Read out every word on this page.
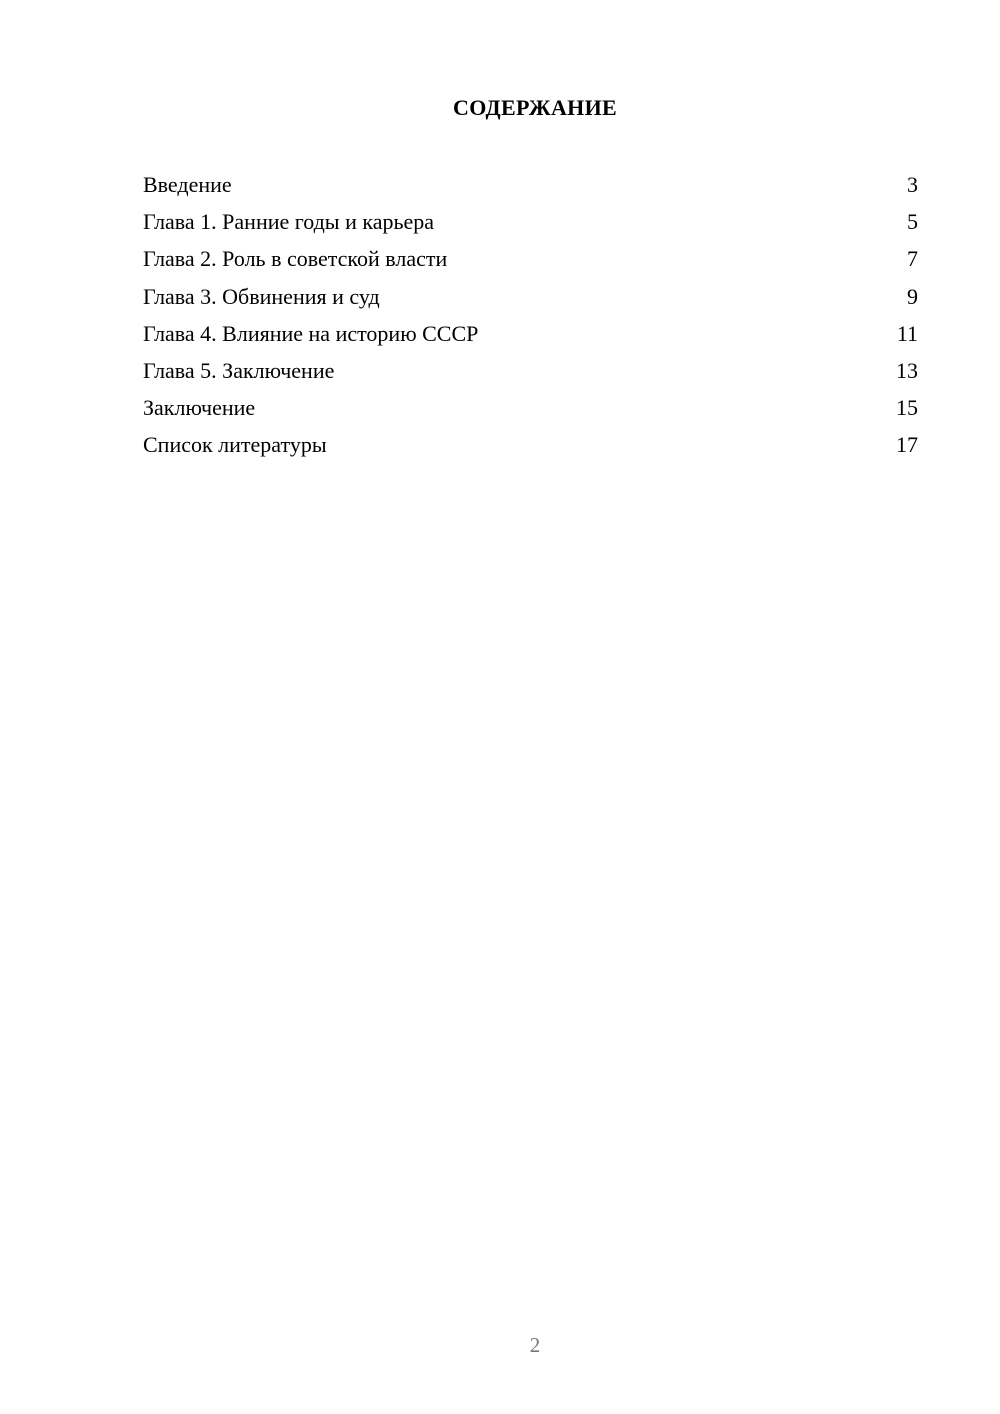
СОДЕРЖАНИЕ
Введение	3
Глава 1. Ранние годы и карьера	5
Глава 2. Роль в советской власти	7
Глава 3. Обвинения и суд	9
Глава 4. Влияние на историю СССР	11
Глава 5. Заключение	13
Заключение	15
Список литературы	17
2
